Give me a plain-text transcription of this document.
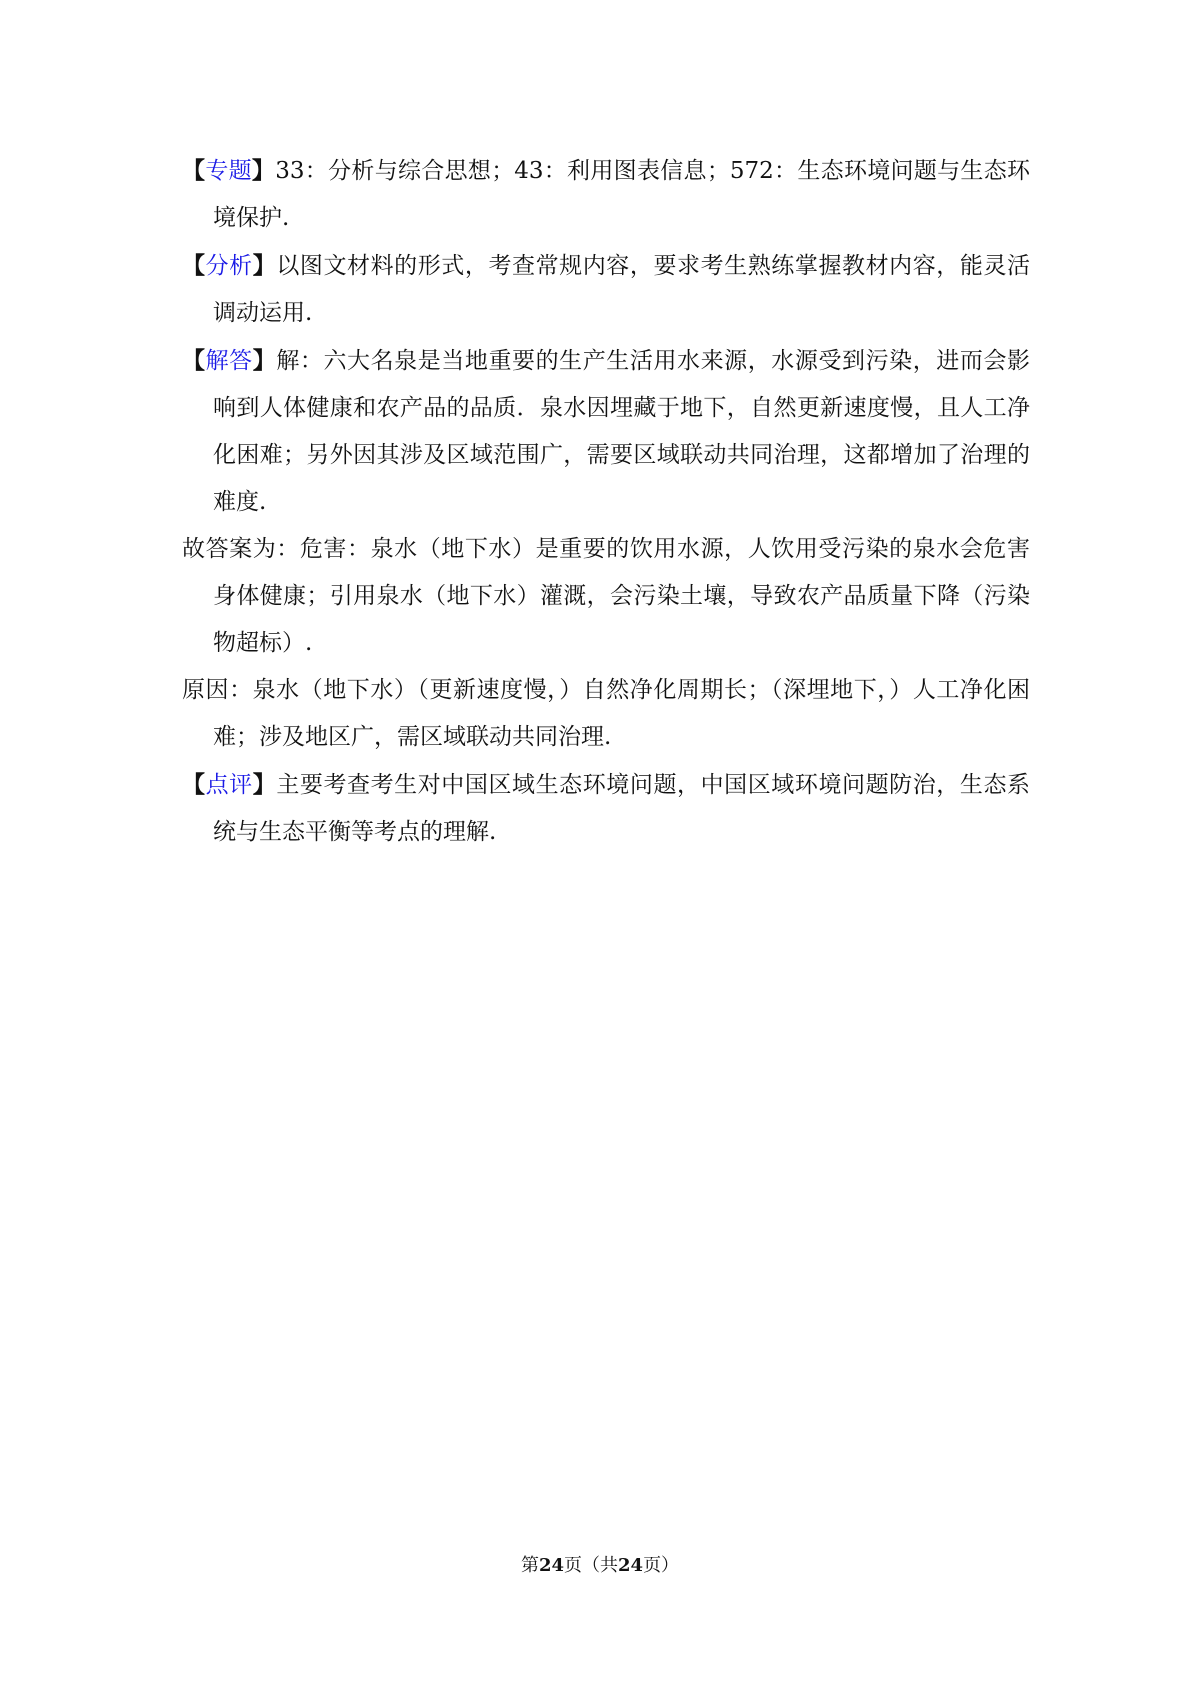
【专题】33：分析与综合思想；43：利用图表信息；572：生态环境问题与生态环境保护.
【分析】以图文材料的形式，考查常规内容，要求考生熟练掌握教材内容，能灵活调动运用.
【解答】解：六大名泉是当地重要的生产生活用水来源，水源受到污染，进而会影响到人体健康和农产品的品质．泉水因埋藏于地下，自然更新速度慢，且人工净化困难；另外因其涉及区域范围广，需要区域联动共同治理，这都增加了治理的难度.
故答案为：危害：泉水（地下水）是重要的饮用水源，人饮用受污染的泉水会危害身体健康；引用泉水（地下水）灌溉，会污染土壤，导致农产品质量下降（污染物超标）.
原因：泉水（地下水）（更新速度慢，）自然净化周期长；（深埋地下，）人工净化困难；涉及地区广，需区域联动共同治理.
【点评】主要考查考生对中国区域生态环境问题，中国区域环境问题防治，生态系统与生态平衡等考点的理解.
第24页（共24页）
